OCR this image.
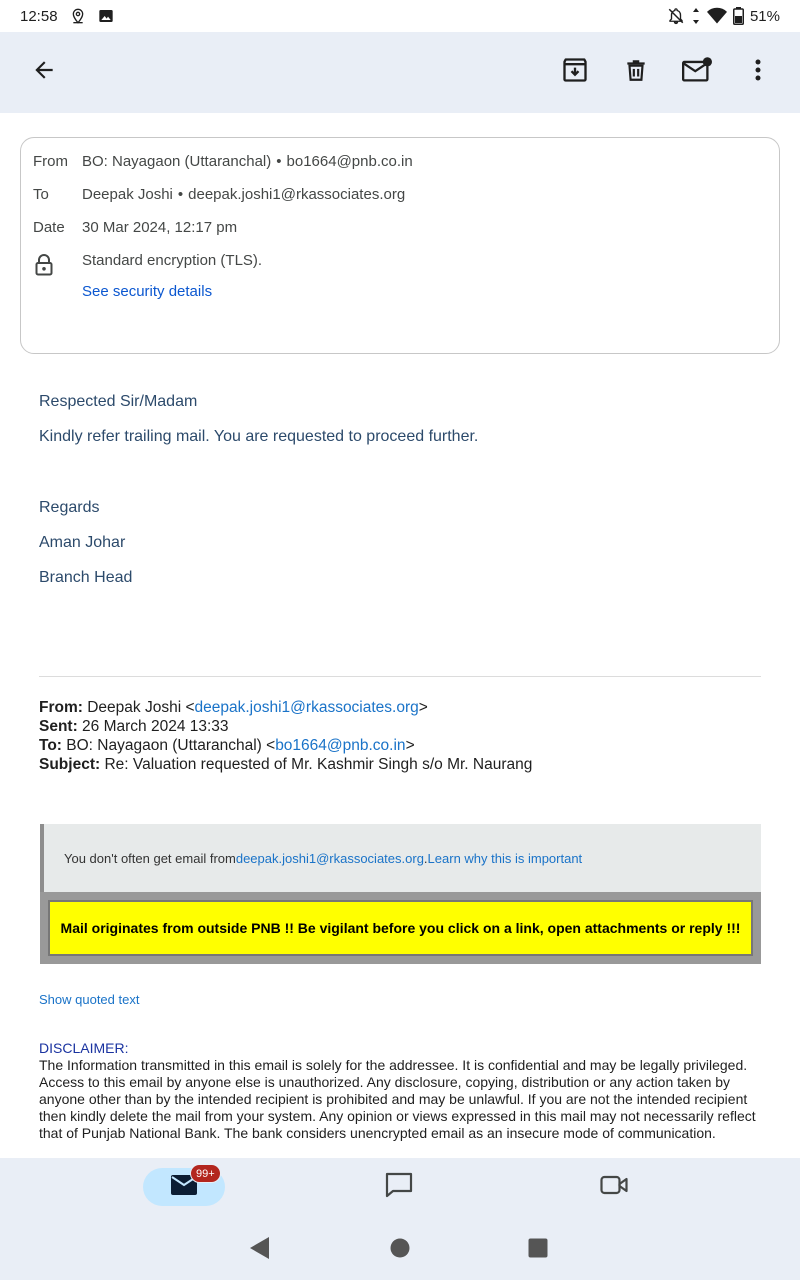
12:58	51%
From BO: Nayagaon (Uttaranchal) • bo1664@pnb.co.in
To Deepak Joshi • deepak.joshi1@rkassociates.org
Date 30 Mar 2024, 12:17 pm
Standard encryption (TLS).
See security details
Respected Sir/Madam
Kindly refer trailing mail. You are requested to proceed further.
Regards
Aman Johar
Branch Head
From: Deepak Joshi <deepak.joshi1@rkassociates.org>
Sent: 26 March 2024 13:33
To: BO: Nayagaon (Uttaranchal) <bo1664@pnb.co.in>
Subject: Re: Valuation requested of Mr. Kashmir Singh s/o Mr. Naurang
You don't often get email from deepak.joshi1@rkassociates.org . Learn why this is important
Mail originates from outside PNB !! Be vigilant before you click on a link, open attachments or reply !!!
Show quoted text
DISCLAIMER:
The Information transmitted in this email is solely for the addressee. It is confidential and may be legally privileged. Access to this email by anyone else is unauthorized. Any disclosure, copying, distribution or any action taken by anyone other than by the intended recipient is prohibited and may be unlawful. If you are not the intended recipient then kindly delete the mail from your system. Any opinion or views expressed in this mail may not necessarily reflect that of Punjab National Bank. The bank considers unencrypted email as an insecure mode of communication.
99+
